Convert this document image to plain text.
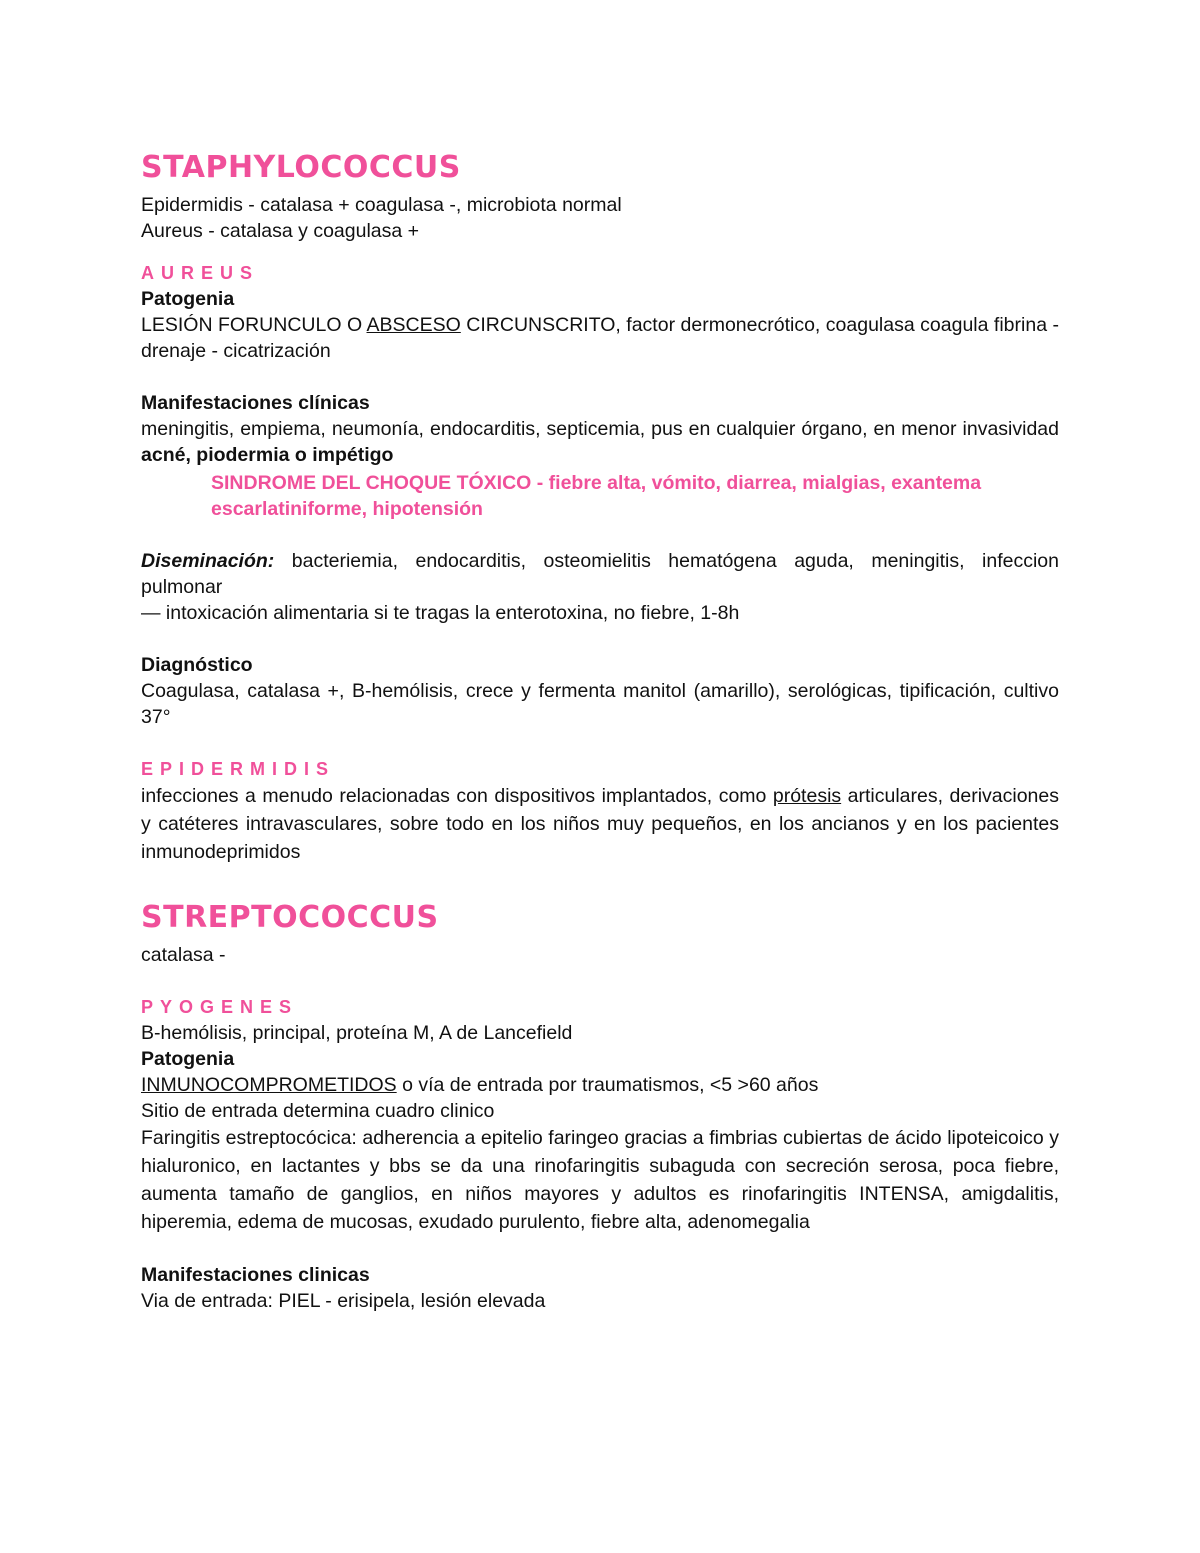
STAPHYLOCOCCUS

Epidermidis - catalasa + coagulasa -, microbiota normal

Aureus - catalasa y coagulasa +

AUREUS

Patogenia

LESIÓN FORUNCULO O ABSCESO CIRCUNSCRITO, factor dermonecrótico, coagulasa coagula fibrina - drenaje - cicatrización

Manifestaciones clínicas

meningitis, empiema, neumonía, endocarditis, septicemia, pus en cualquier órgano, en menor invasividad acné, piodermia o impétigo

SINDROME DEL CHOQUE TÓXICO - fiebre alta, vómito, diarrea, mialgias, exantema escarlatiniforme, hipotensión

Diseminación: bacteriemia, endocarditis, osteomielitis hematógena aguda, meningitis, infeccion pulmonar

— intoxicación alimentaria si te tragas la enterotoxina, no fiebre, 1-8h

Diagnóstico

Coagulasa, catalasa +, B-hemólisis, crece y fermenta manitol (amarillo), serológicas, tipificación, cultivo 37°

EPIDERMIDIS

infecciones a menudo relacionadas con dispositivos implantados, como prótesis articulares, derivaciones y catéteres intravasculares, sobre todo en los niños muy pequeños, en los ancianos y en los pacientes inmunodeprimidos

STREPTOCOCCUS

catalasa -

PYOGENES

B-hemólisis, principal, proteína M, A de Lancefield

Patogenia

INMUNOCOMPROMETIDOS o vía de entrada por traumatismos, <5 >60 años

Sitio de entrada determina cuadro clinico

Faringitis estreptocócica: adherencia a epitelio faringeo gracias a fimbrias cubiertas de ácido lipoteicoico y hialuronico, en lactantes y bbs se da una rinofaringitis subaguda con secreción serosa, poca fiebre, aumenta tamaño de ganglios, en niños mayores y adultos es rinofaringitis INTENSA, amigdalitis, hiperemia, edema de mucosas, exudado purulento, fiebre alta, adenomegalia

Manifestaciones clinicas

Via de entrada: PIEL - erisipela, lesión elevada
